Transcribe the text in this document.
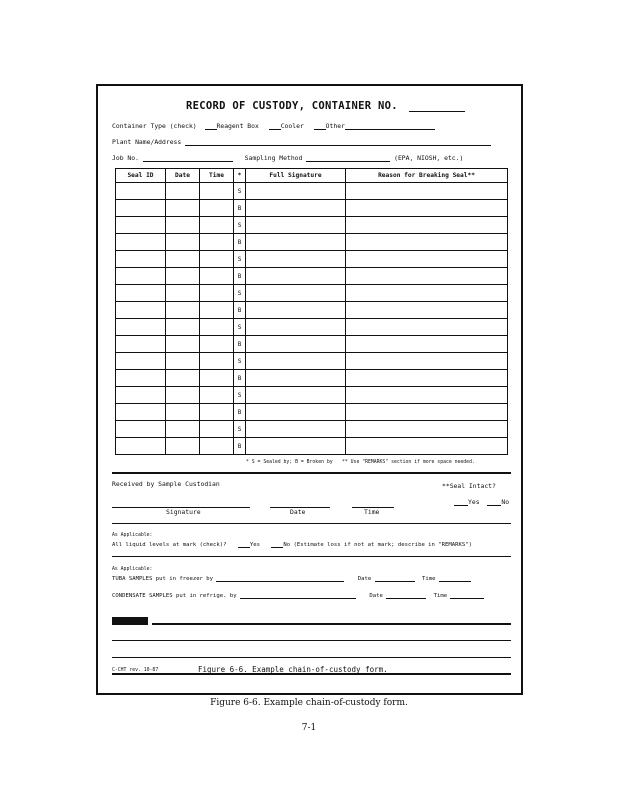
RECORD OF CUSTODY, CONTAINER NO.
Container Type (check)	Reagent Box	Cooler	Other
Plant Name/Address
Job No.	Sampling Method	(EPA, NIOSH, etc.)
Seal ID	Date	Time	*	Full Signature	Reason for Breaking Seal**
			S		
			B		
			S		
			B		
			S		
			B		
			S		
			B		
			S		
			B		
			S		
			B		
			S		
			B		
			S		
			B		
* S = Sealed by; B = Broken by ** Use "REMARKS" section if more space needed.
Received by Sample Custodian	**Seal Intact?
Yes	No
Signature	Date	Time
As Applicable:
All liquid levels at mark (check)?	Yes	No (Estimate loss if not at mark; describe in "REMARKS")
As Applicable:
TUBA SAMPLES put in freezer by	Date	Time
CONDENSATE SAMPLES put in refrige. by	Date	Time
C-CHT rev. 10-87	Figure 6-6. Example chain-of-custody form.
Figure 6-6. Example chain-of-custody form.
7-1
